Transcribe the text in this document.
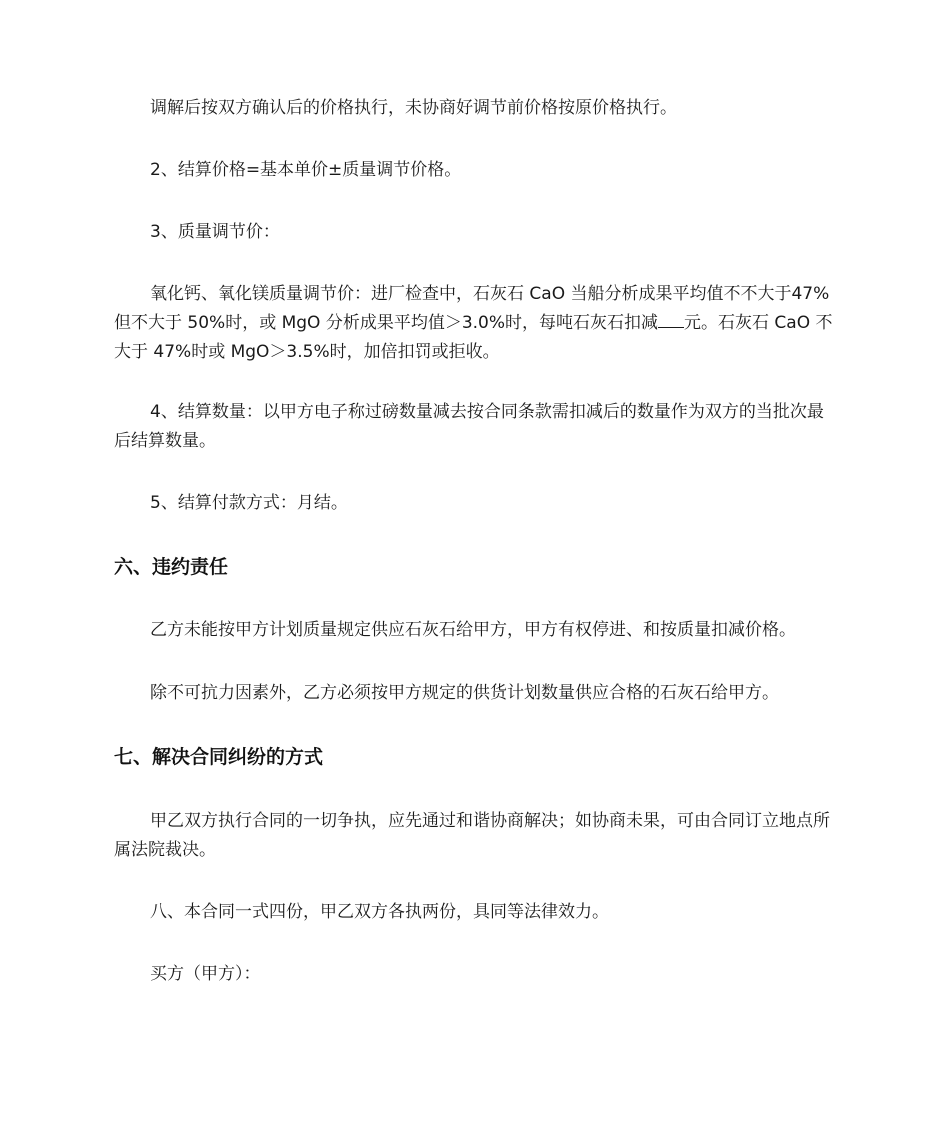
调解后按双方确认后的价格执行，未协商好调节前价格按原价格执行。

2、结算价格=基本单价±质量调节价格。

3、质量调节价：

氧化钙、氧化镁质量调节价：进厂检查中，石灰石 CaO 当船分析成果平均值不不大于47%但不大于 50%时，或 MgO 分析成果平均值＞3.0%时，每吨石灰石扣减 元。石灰石 CaO 不大于 47%时或 MgO＞3.5%时，加倍扣罚或拒收。

4、结算数量：以甲方电子称过磅数量减去按合同条款需扣减后的数量作为双方的当批次最后结算数量。

5、结算付款方式：月结。

六、违约责任

乙方未能按甲方计划质量规定供应石灰石给甲方，甲方有权停进、和按质量扣减价格。

除不可抗力因素外，乙方必须按甲方规定的供货计划数量供应合格的石灰石给甲方。

七、解决合同纠纷的方式

甲乙双方执行合同的一切争执，应先通过和谐协商解决；如协商未果，可由合同订立地点所属法院裁决。

八、本合同一式四份，甲乙双方各执两份，具同等法律效力。

买方（甲方）：
